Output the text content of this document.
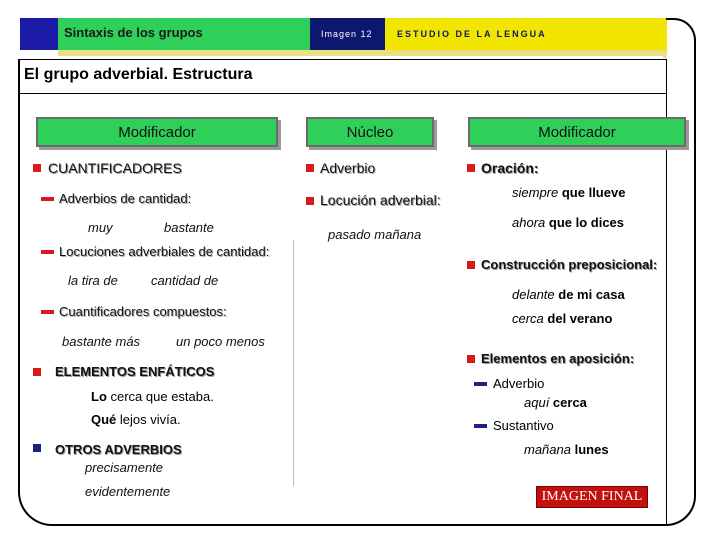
Sintaxis de los grupos	Imagen 12	ESTUDIO DE LA LENGUA
El grupo adverbial. Estructura
Modificador	Núcleo	Modificador
CUANTIFICADORES
Adverbios de cantidad:
muy	bastante
Locuciones adverbiales de cantidad:
la tira de	cantidad de
Cuantificadores compuestos:
bastante más	un poco menos
ELEMENTOS ENFÁTICOS
Lo cerca que estaba.
Qué lejos vivía.
OTROS ADVERBIOS
precisamente
evidentemente
Adverbio
Locución adverbial:
pasado mañana
Oración:
siempre que llueve
ahora que lo dices
Construcción preposicional:
delante de mi casa
cerca del verano
Elementos en aposición:
Adverbio
aquí cerca
Sustantivo
mañana lunes
IMAGEN FINAL
